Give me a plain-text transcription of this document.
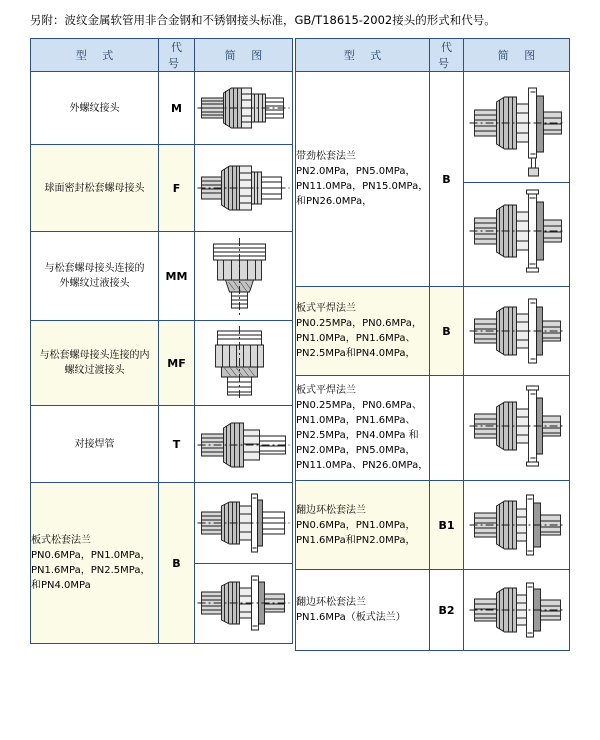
另附：波纹金属软管用非合金钢和不锈钢接头标准，GB/T18615-2002接头的形式和代号。
型 式	代号	简 图
外螺纹接头	M	

球面密封松套螺母接头	F	

与松套螺母接头连接的
外螺纹过液接头	MM	

与松套螺母接头连接的内
螺纹过渡接头	MF	

对接焊管	T	

板式松套法兰
PN0.6MPa，PN1.0MPa，
PN1.6MPa，PN2.5MPa，
和PN4.0MPa	B	

型 式	代号	简 图
带劲松套法兰
PN2.0MPa，PN5.0MPa，
PN11.0MPa，PN15.0MPa，
和PN26.0MPa，	B	

板式平焊法兰
PN0.25MPa，PN0.6MPa，
PN1.0MPa，PN1.6MPa、
PN2.5MPa和PN4.0MPa，	B	

板式平焊法兰
PN0.25MPa，PN0.6MPa、
PN1.0MPa，PN1.6MPa、
PN2.5MPa，PN4.0MPa 和
PN2.0MPa，PN5.0MPa，
PN11.0MPa、PN26.0MPa，		

翻边环松套法兰
PN0.6MPa，PN1.0MPa，
PN1.6MPa和PN2.0MPa，	B1	

翻边环松套法兰
PN1.6MPa（板式法兰）	B2	
